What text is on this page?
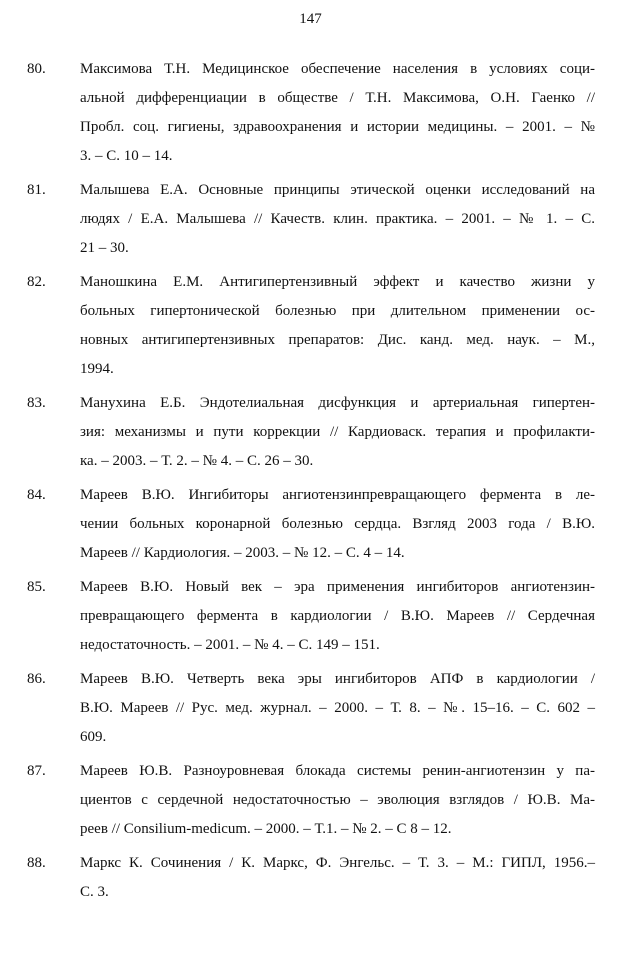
147
80. Максимова Т.Н. Медицинское обеспечение населения в условиях соци-
альной дифференциации в обществе / Т.Н. Максимова, О.Н. Гаенко //
Пробл. соц. гигиены, здравоохранения и истории медицины. – 2001. – №
3. – С. 10 – 14.
81. Малышева Е.А. Основные принципы этической оценки исследований на
людях / Е.А. Малышева // Качеств. клин. практика. – 2001. – № 1. – С.
21 – 30.
82. Маношкина Е.М. Антигипертензивный эффект и качество жизни у
больных гипертонической болезнью при длительном применении ос-
новных антигипертензивных препаратов: Дис. канд. мед. наук. – М.,
1994.
83. Манухина Е.Б. Эндотелиальная дисфункция и артериальная гипертен-
зия: механизмы и пути коррекции // Кардиоваск. терапия и профилакти-
ка. – 2003. – Т. 2. – № 4. – С. 26 – 30.
84. Мареев В.Ю. Ингибиторы ангиотензинпревращающего фермента в ле-
чении больных коронарной болезнью сердца. Взгляд 2003 года / В.Ю.
Мареев // Кардиология. – 2003. – № 12. – С. 4 – 14.
85. Мареев В.Ю. Новый век – эра применения ингибиторов ангиотензин-
превращающего фермента в кардиологии / В.Ю. Мареев // Сердечная
недостаточность. – 2001. – № 4. – С. 149 – 151.
86. Мареев В.Ю. Четверть века эры ингибиторов АПФ в кардиологии /
В.Ю. Мареев // Рус. мед. журнал. – 2000. – Т. 8. – №. 15–16. – С. 602 –
609.
87. Мареев Ю.В. Разноуровневая блокада системы ренин-ангиотензин у па-
циентов с сердечной недостаточностью – эволюция взглядов / Ю.В. Ма-
реев // Consilium-medicum. – 2000. – Т.1. – № 2. – С 8 – 12.
88. Маркс К. Сочинения / К. Маркс, Ф. Энгельс. – Т. 3. – М.: ГИПЛ, 1956.–
С. 3.
